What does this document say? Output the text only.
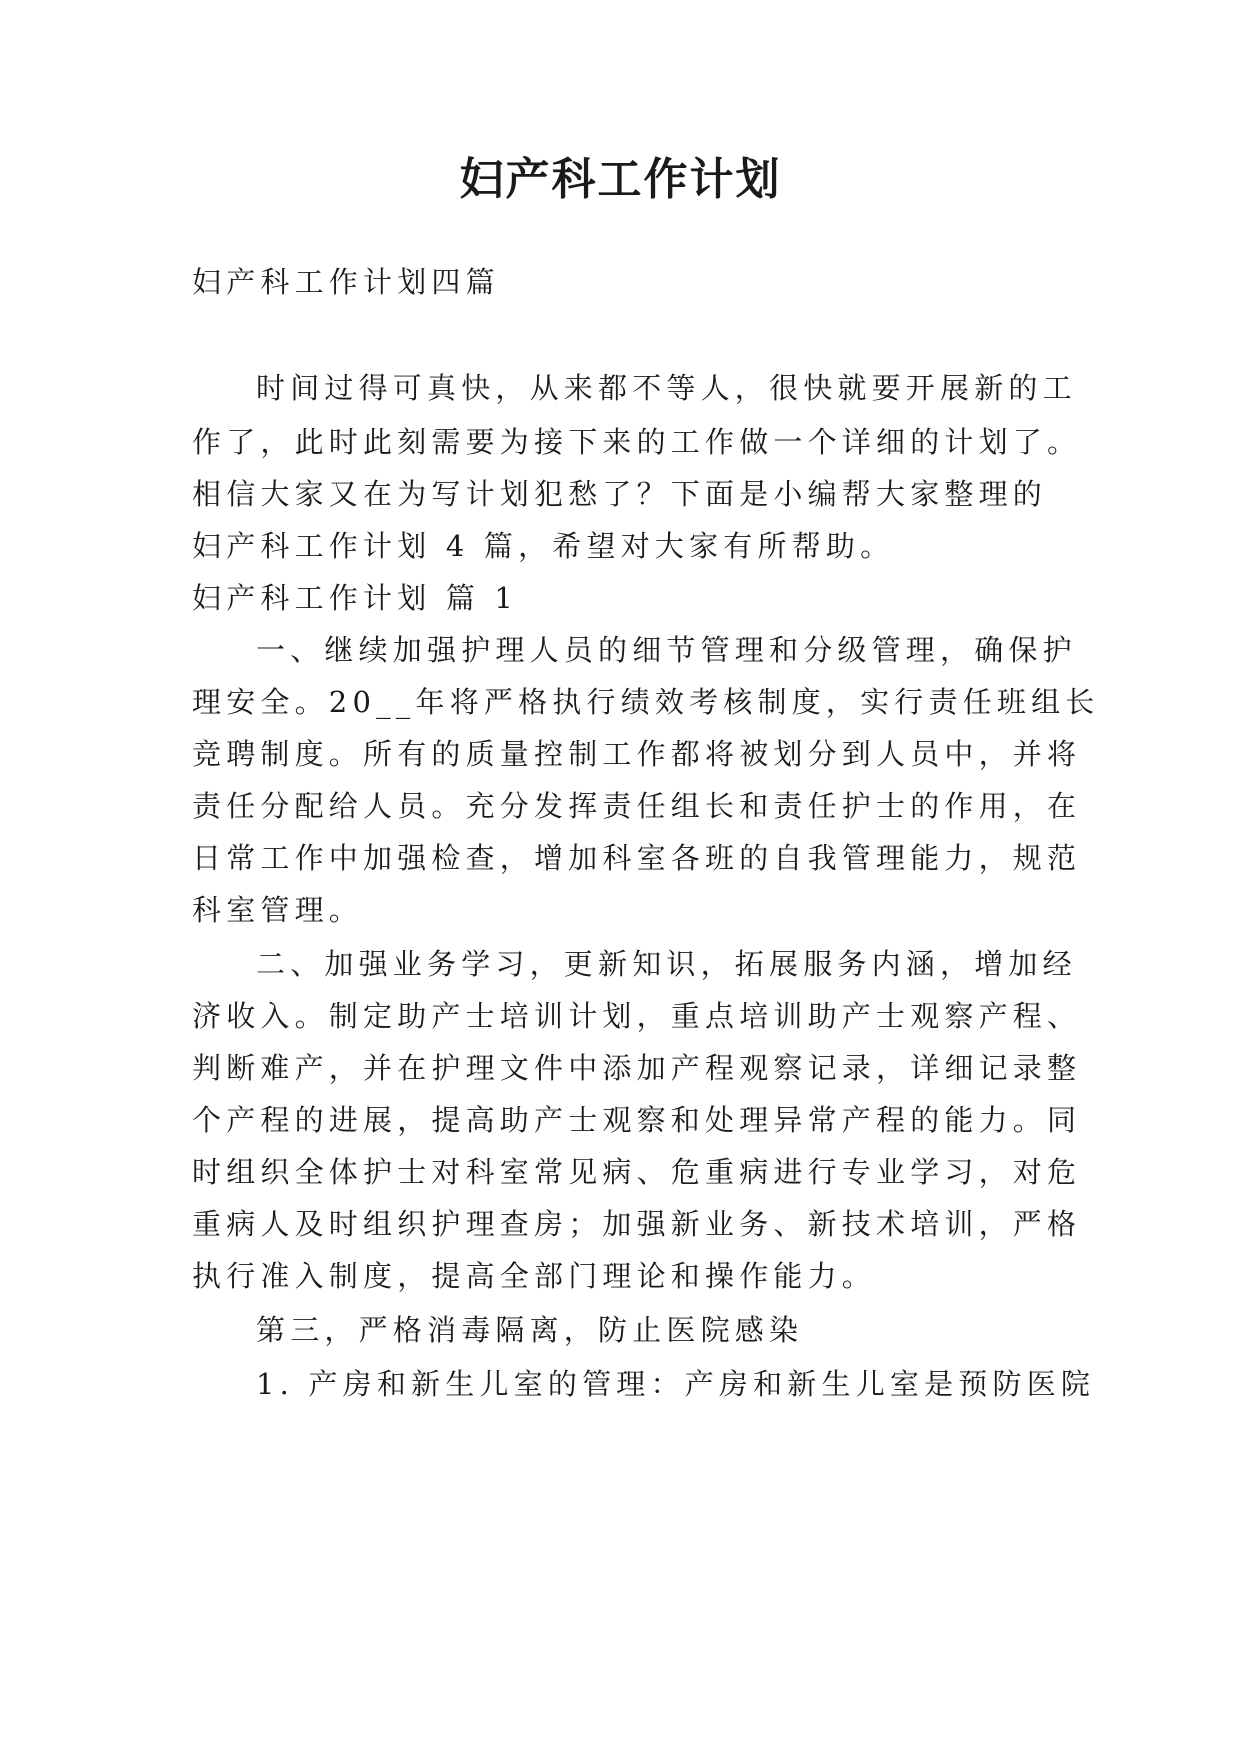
妇产科工作计划

妇产科工作计划四篇

时间过得可真快，从来都不等人，很快就要开展新的工

作了，此时此刻需要为接下来的工作做一个详细的计划了。

相信大家又在为写计划犯愁了？下面是小编帮大家整理的

妇产科工作计划 4 篇，希望对大家有所帮助。

妇产科工作计划 篇 1

一、继续加强护理人员的细节管理和分级管理，确保护

理安全。20__年将严格执行绩效考核制度，实行责任班组长

竞聘制度。所有的质量控制工作都将被划分到人员中，并将

责任分配给人员。充分发挥责任组长和责任护士的作用，在

日常工作中加强检查，增加科室各班的自我管理能力，规范

科室管理。

二、加强业务学习，更新知识，拓展服务内涵，增加经

济收入。制定助产士培训计划，重点培训助产士观察产程、

判断难产，并在护理文件中添加产程观察记录，详细记录整

个产程的进展，提高助产士观察和处理异常产程的能力。同

时组织全体护士对科室常见病、危重病进行专业学习，对危

重病人及时组织护理查房；加强新业务、新技术培训，严格

执行准入制度，提高全部门理论和操作能力。

第三，严格消毒隔离，防止医院感染

1. 产房和新生儿室的管理：产房和新生儿室是预防医院
